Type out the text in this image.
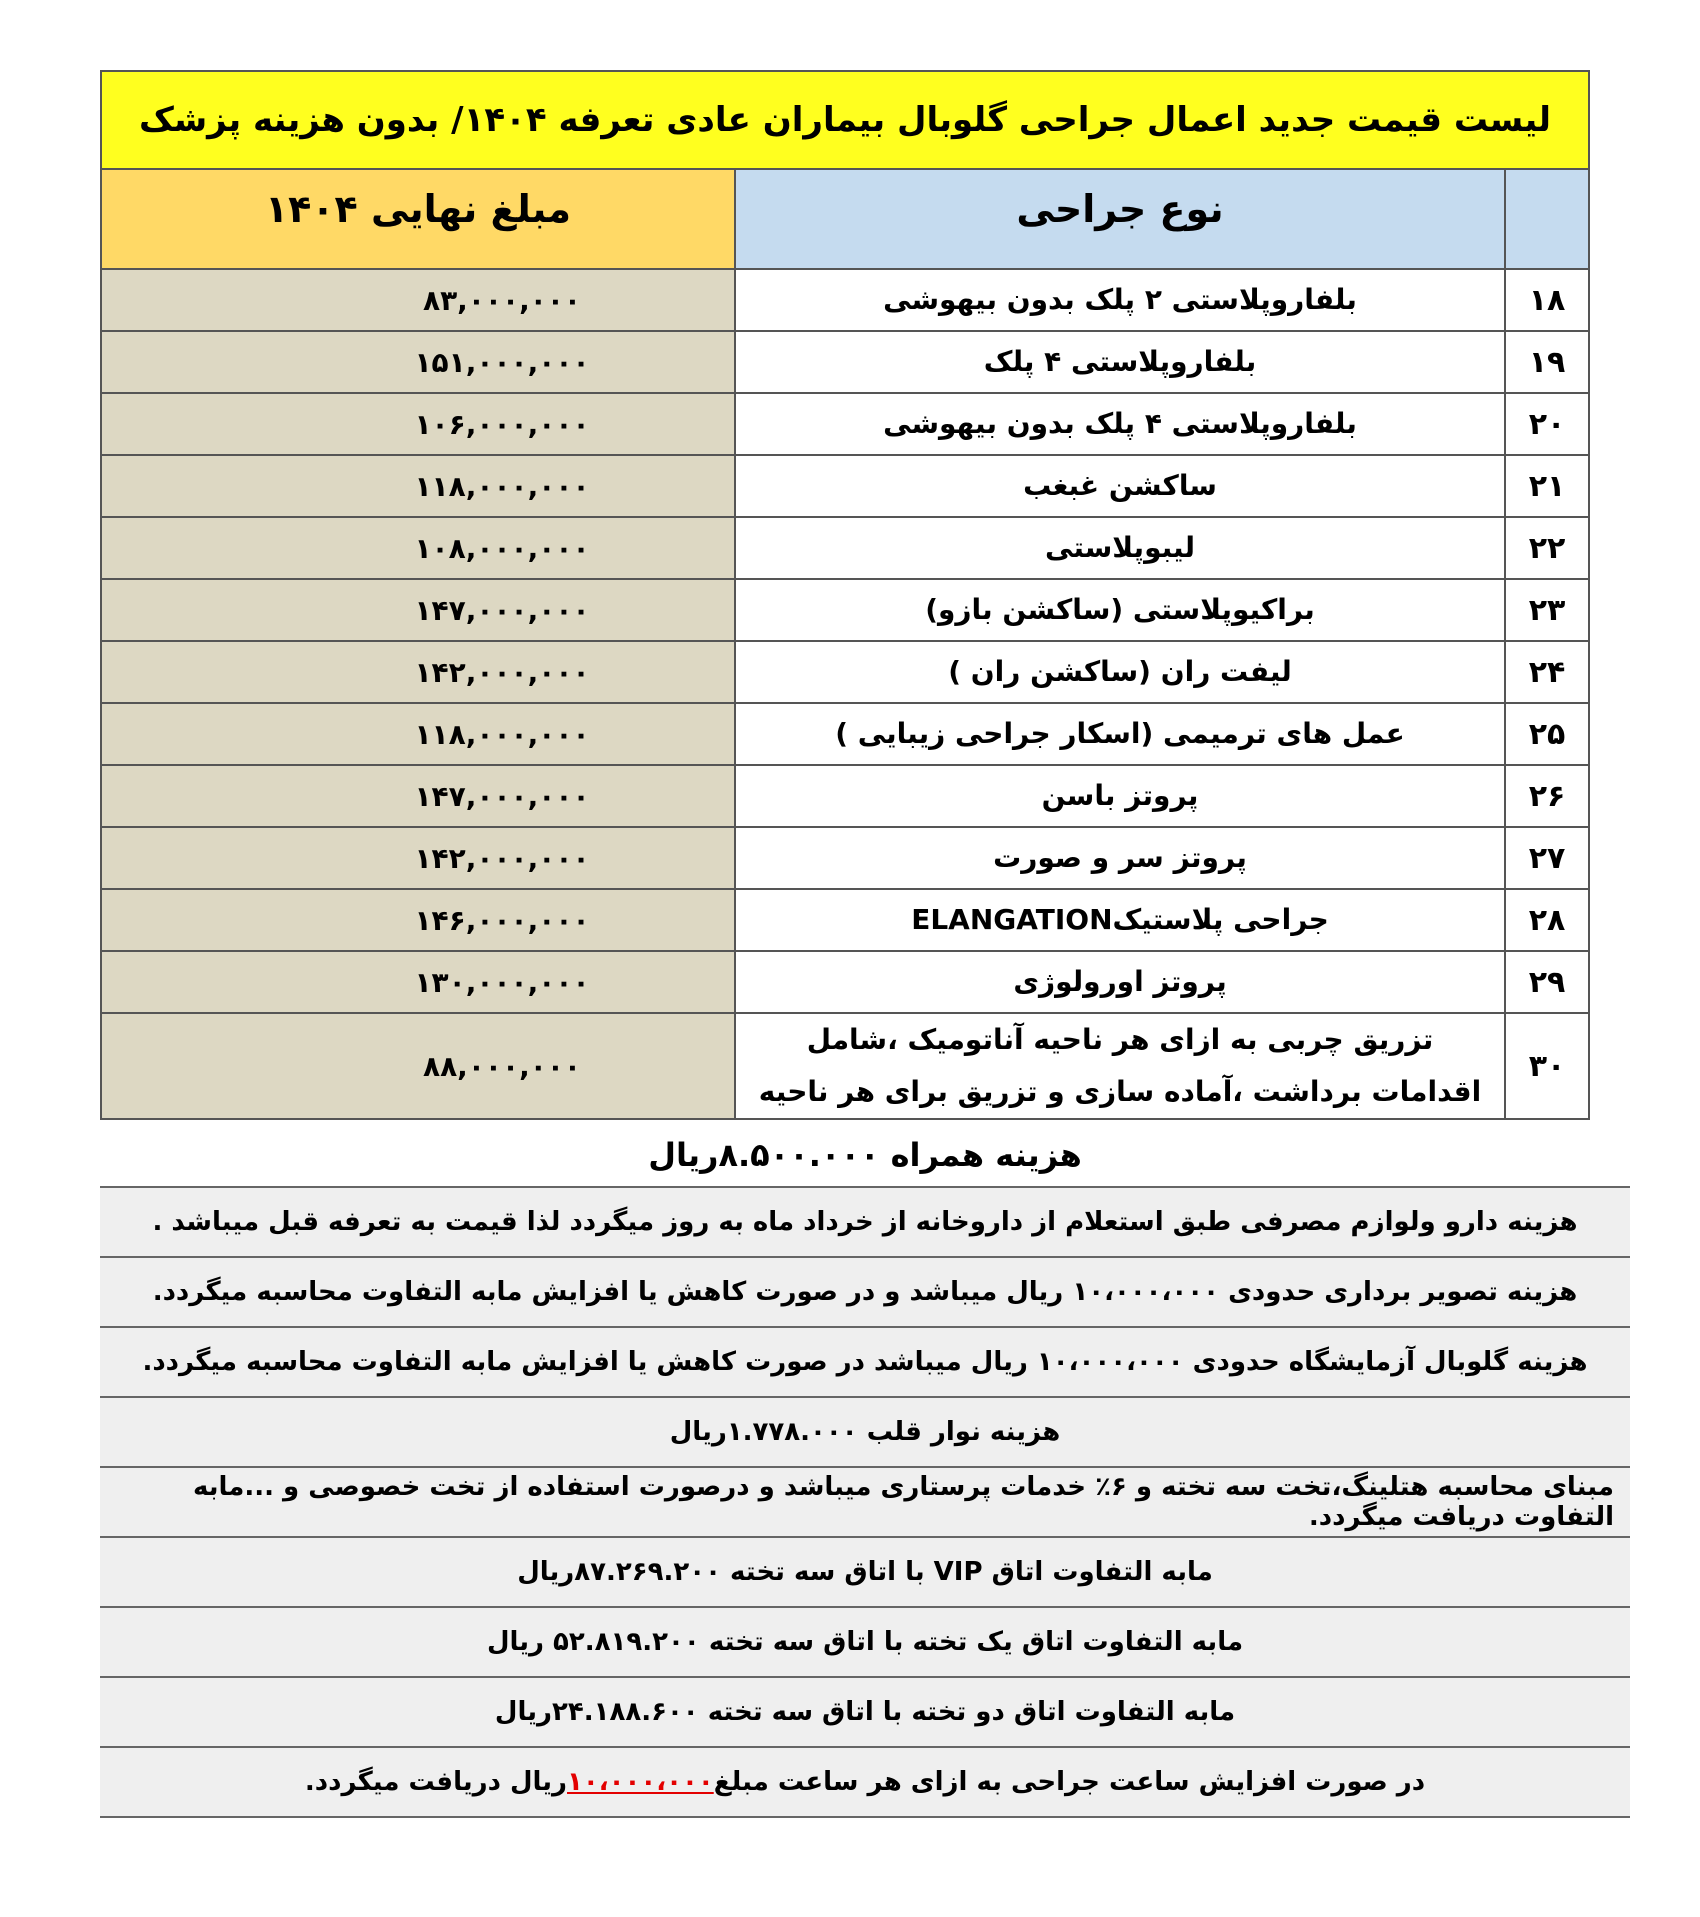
لیست قیمت جدید اعمال جراحی گلوبال بیماران عادی تعرفه ۱۴۰۴/ بدون هزینه پزشک
نوع جراحی
مبلغ نهایی ۱۴۰۴
۱۸
بلفاروپلاستی ۲ پلک بدون بیهوشی
۸۳,۰۰۰,۰۰۰
۱۹
بلفاروپلاستی ۴ پلک
۱۵۱,۰۰۰,۰۰۰
۲۰
بلفاروپلاستی ۴ پلک بدون بیهوشی
۱۰۶,۰۰۰,۰۰۰
۲۱
ساکشن غبغب
۱۱۸,۰۰۰,۰۰۰
۲۲
لیبوپلاستی
۱۰۸,۰۰۰,۰۰۰
۲۳
براکیوپلاستی (ساکشن بازو)
۱۴۷,۰۰۰,۰۰۰
۲۴
لیفت ران (ساکشن ران )
۱۴۲,۰۰۰,۰۰۰
۲۵
عمل های ترمیمی (اسکار جراحی زیبایی )
۱۱۸,۰۰۰,۰۰۰
۲۶
پروتز باسن
۱۴۷,۰۰۰,۰۰۰
۲۷
پروتز سر و صورت
۱۴۲,۰۰۰,۰۰۰
۲۸
جراحی پلاستیکELANGATION
۱۴۶,۰۰۰,۰۰۰
۲۹
پروتز اورولوژی
۱۳۰,۰۰۰,۰۰۰
۳۰
تزریق چربی به ازای هر ناحیه آناتومیک ،شامل اقدامات برداشت ،آماده سازی و تزریق برای هر ناحیه
۸۸,۰۰۰,۰۰۰
هزینه همراه ۸.۵۰۰.۰۰۰ریال
هزینه دارو ولوازم مصرفی طبق استعلام از داروخانه از خرداد ماه به روز میگردد لذا قیمت به تعرفه قبل میباشد .
هزینه تصویر برداری حدودی ۱۰،۰۰۰،۰۰۰ ریال میباشد و در صورت کاهش یا افزایش مابه التفاوت محاسبه میگردد.
هزینه گلوبال آزمایشگاه حدودی ۱۰،۰۰۰،۰۰۰ ریال میباشد در صورت کاهش یا افزایش مابه التفاوت محاسبه میگردد.
هزینه نوار قلب ۱.۷۷۸.۰۰۰ریال
مبنای محاسبه هتلینگ،تخت سه تخته و ۶٪ خدمات پرستاری میباشد و درصورت استفاده از تخت خصوصی و ...مابه التفاوت دریافت میگردد.
مابه التفاوت اتاق VIP با اتاق سه تخته ۸۷.۲۶۹.۲۰۰ریال
مابه التفاوت اتاق یک تخته با اتاق سه تخته ۵۲.۸۱۹.۲۰۰ ریال
مابه التفاوت اتاق دو تخته با اتاق سه تخته ۲۴.۱۸۸.۶۰۰ریال
در صورت افزایش ساعت جراحی به ازای هر ساعت مبلغ
۱۰،۰۰۰،۰۰۰
ریال دریافت میگردد.
